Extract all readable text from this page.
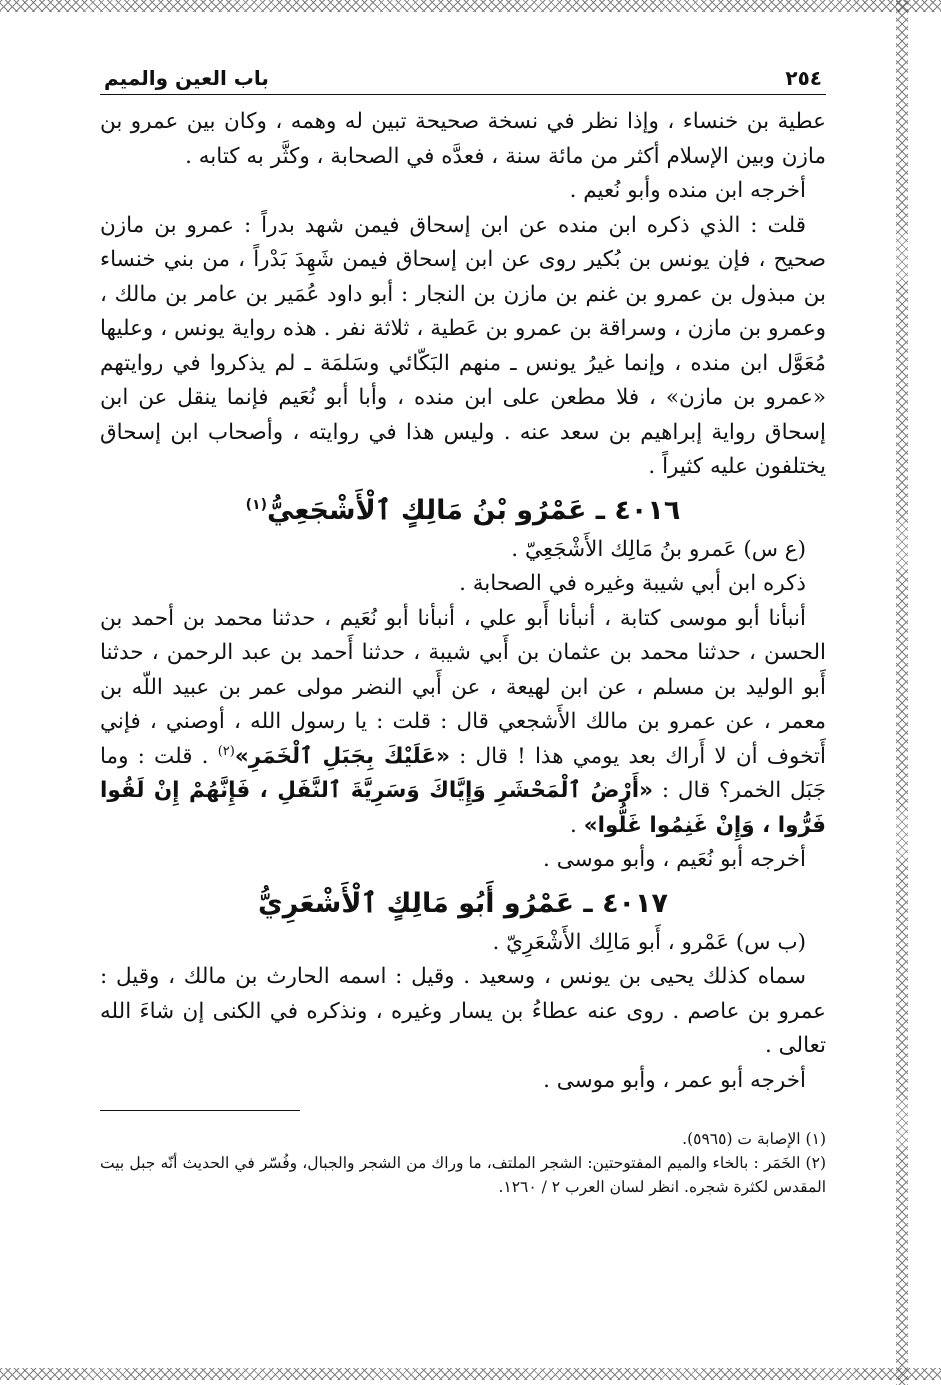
٢٥٤
باب العين والميم

عطية بن خنساء ، وإذا نظر في نسخة صحيحة تبين له وهمه ، وكان بين عمرو بن مازن وبين الإسلام أكثر من مائة سنة ، فعدَّه في الصحابة ، وكثَّر به كتابه .

أخرجه ابن منده وأبو نُعيم .

قلت : الذي ذكره ابن منده عن ابن إسحاق فيمن شهد بدراً : عمرو بن مازن صحيح ، فإن يونس بن بُكير روى عن ابن إسحاق فيمن شَهِدَ بَدْراً ، من بني خنساء بن مبذول بن عمرو بن غنم بن مازن بن النجار : أبو داود عُمَير بن عامر بن مالك ، وعمرو بن مازن ، وسراقة بن عمرو بن عَطية ، ثلاثة نفر . هذه رواية يونس ، وعليها مُعَوَّل ابن منده ، وإنما غيرُ يونس ـ منهم البَكّائي وسَلمَة ـ لم يذكروا في روايتهم «عمرو بن مازن» ، فلا مطعن على ابن منده ، وأبا أبو نُعَيم فإنما ينقل عن ابن إسحاق رواية إبراهيم بن سعد عنه . وليس هذا في روايته ، وأصحاب ابن إسحاق يختلفون عليه كثيراً .

٤٠١٦ ـ عَمْرُو بْنُ مَالِكٍ ٱلْأَشْجَعِيُّ$^{(١)}$

(ع س) عَمرو بنُ مَالِك الأَشْجَعِيّ .

ذكره ابن أبي شيبة وغيره في الصحابة .

أنبأنا أبو موسى كتابة ، أنبأنا أَبو علي ، أنبأنا أبو نُعَيم ، حدثنا محمد بن أحمد بن الحسن ، حدثنا محمد بن عثمان بن أَبي شيبة ، حدثنا أَحمد بن عبد الرحمن ، حدثنا أَبو الوليد بن مسلم ، عن ابن لهيعة ، عن أَبي النضر مولى عمر بن عبيد اللّه بن معمر ، عن عمرو بن مالك الأَشجعي قال : قلت : يا رسول الله ، أوصني ، فإني أَتخوف أن لا أَراك بعد يومي هذا ! قال : «عَلَيْكَ بِجَبَلِ ٱلْخَمَرِ»$^{(٢)}$ . قلت : وما جَبَل الخمر؟ قال : «أَرْضُ ٱلْمَحْشَرِ وَإِيَّاكَ وَسَرِيَّةَ ٱلنَّفَلِ ، فَإِنَّهُمْ إِنْ لَقُوا فَرُّوا ، وَإِنْ غَنِمُوا غَلُّوا» .

أخرجه أبو نُعَيم ، وأبو موسى .

٤٠١٧ ـ عَمْرُو أَبُو مَالِكٍ ٱلْأَشْعَرِيُّ

(ب س) عَمْرو ، أَبو مَالِك الأَشْعَرِيّ .

سماه كذلك يحيى بن يونس ، وسعيد . وقيل : اسمه الحارث بن مالك ، وقيل : عمرو بن عاصم . روى عنه عطاءُ بن يسار وغيره ، ونذكره في الكنى إن شاءَ الله تعالى .

أخرجه أبو عمر ، وأبو موسى .

(١) الإصابة ت (٥٩٦٥).

(٢) الخَمَر : بالخاء والميم المفتوحتين: الشجر الملتف، ما وراك من الشجر والجبال، وفُسّر في الحديث أنّه جبل بيت المقدس لكثرة شجره. انظر لسان العرب ٢ / ١٢٦٠.
